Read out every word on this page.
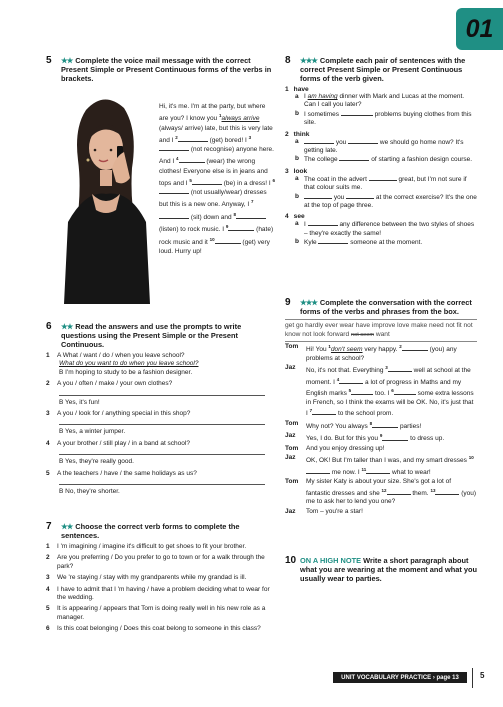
01
5	★★ Complete the voice mail message with the correct Present Simple or Present Continuous forms of the verbs in brackets.
Hi, it's me. I'm at the party, but where are you? I know you $^1$always arrive (always/ arrive) late, but this is very late and I $^2$	(get) bored! I $^3$ (not recognise) anyone here. And I $^4$	(wear) the wrong clothes! Everyone else is in jeans and tops and I $^5$	(be) in a dress! I $^6$ (not usually/wear) dresses but this is a new one. Anyway, I $^7$ (sit) down and $^8$ (listen) to rock music. I $^9$	(hate) rock music and it $^{10}$	(get) very loud. Hurry up!
6	★★ Read the answers and use the prompts to write questions using the Present Simple or the Present Continuous.
1	A What / want / do / when you leave school?
What do you want to do when you leave school?
B I'm hoping to study to be a fashion designer.
2	A you / often / make / your own clothes?
B Yes, it's fun!
3	A you / look for / anything special in this shop?
B Yes, a winter jumper.
4	A your brother / still play / in a band at school?
B Yes, they're really good.
5	A the teachers / have / the same holidays as us?
B No, they're shorter.
7	★★ Choose the correct verb forms to complete the sentences.
1	I 'm imagining / imagine it's difficult to get shoes to fit your brother.
2	Are you preferring / Do you prefer to go to town or for a walk through the park?
3	We 're staying / stay with my grandparents while my grandad is ill.
4	I have to admit that I 'm having / have a problem deciding what to wear for the wedding.
5	It is appearing / appears that Tom is doing really well in his new role as a manager.
6	Is this coat belonging / Does this coat belong to someone in this class?
8	★★★ Complete each pair of sentences with the correct Present Simple or Present Continuous forms of the verb given.
1 have
a I am having dinner with Mark and Lucas at the moment. Can I call you later?
b I sometimes	problems buying clothes from this site.
2 think
a	you	we should go home now? It's getting late.
b The college	of starting a fashion design course.
3 look
a The coat in the advert	great, but I'm not sure if that colour suits me.
b	you	at the correct exercise? It's the one at the top of page three.
4 see
a I	any difference between the two styles of shoes – they're exactly the same!
b Kyle	someone at the moment.
9	★★★ Complete the conversation with the correct forms of the verbs and phrases from the box.
get go hardly ever wear have improve love make need not fit not know not look forward not seem want
Tom	Hi! You $^1$don't seem very happy. $^2$	(you) any problems at school?
Jaz	No, it's not that. Everything $^3$	well at school at the moment. I $^4$	a lot of progress in Maths and my English marks $^5$	too. I $^6$	some extra lessons in French, so I think the exams will be OK. No, it's just that I $^7$	to the school prom.
Tom	Why not? You always $^8$	parties!
Jaz	Yes, I do. But for this you $^9$	to dress up.
Tom	And you enjoy dressing up!
Jaz	OK, OK! But I'm taller than I was, and my smart dresses $^{10}$ me now. I $^{11}$	what to wear!
Tom	My sister Katy is about your size. She's got a lot of fantastic dresses and she $^{12}$	them. $^{13}$	(you) me to ask her to lend you one?
Jaz	Tom – you're a star!
10 ON A HIGH NOTE Write a short paragraph about what you are wearing at the moment and what you usually wear to parties.
UNIT VOCABULARY PRACTICE › page 13	5
